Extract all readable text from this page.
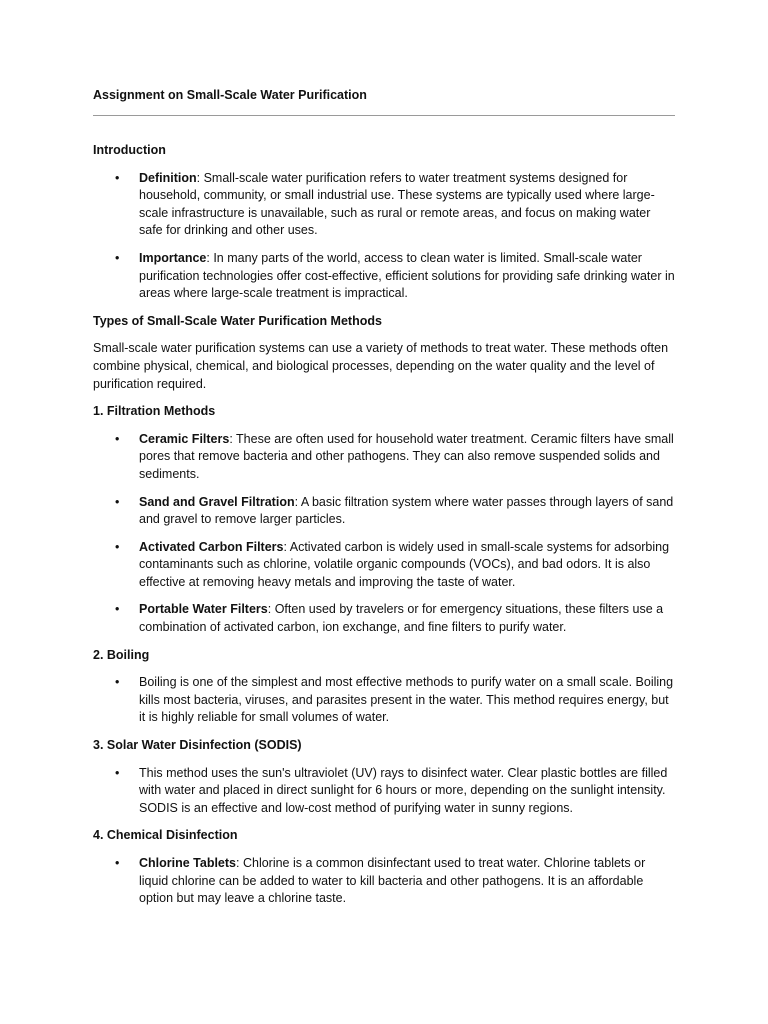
Assignment on Small-Scale Water Purification
Introduction
• Definition: Small-scale water purification refers to water treatment systems designed for household, community, or small industrial use. These systems are typically used where large-scale infrastructure is unavailable, such as rural or remote areas, and focus on making water safe for drinking and other uses.
• Importance: In many parts of the world, access to clean water is limited. Small-scale water purification technologies offer cost-effective, efficient solutions for providing safe drinking water in areas where large-scale treatment is impractical.
Types of Small-Scale Water Purification Methods

Small-scale water purification systems can use a variety of methods to treat water. These methods often combine physical, chemical, and biological processes, depending on the water quality and the level of purification required.

1. Filtration Methods
• Ceramic Filters: These are often used for household water treatment. Ceramic filters have small pores that remove bacteria and other pathogens. They can also remove suspended solids and sediments.
• Sand and Gravel Filtration: A basic filtration system where water passes through layers of sand and gravel to remove larger particles.
• Activated Carbon Filters: Activated carbon is widely used in small-scale systems for adsorbing contaminants such as chlorine, volatile organic compounds (VOCs), and bad odors. It is also effective at removing heavy metals and improving the taste of water.
• Portable Water Filters: Often used by travelers or for emergency situations, these filters use a combination of activated carbon, ion exchange, and fine filters to purify water.
2. Boiling
• Boiling is one of the simplest and most effective methods to purify water on a small scale. Boiling kills most bacteria, viruses, and parasites present in the water. This method requires energy, but it is highly reliable for small volumes of water.
3. Solar Water Disinfection (SODIS)
• This method uses the sun's ultraviolet (UV) rays to disinfect water. Clear plastic bottles are filled with water and placed in direct sunlight for 6 hours or more, depending on the sunlight intensity. SODIS is an effective and low-cost method of purifying water in sunny regions.
4. Chemical Disinfection
• Chlorine Tablets: Chlorine is a common disinfectant used to treat water. Chlorine tablets or liquid chlorine can be added to water to kill bacteria and other pathogens. It is an affordable option but may leave a chlorine taste.
